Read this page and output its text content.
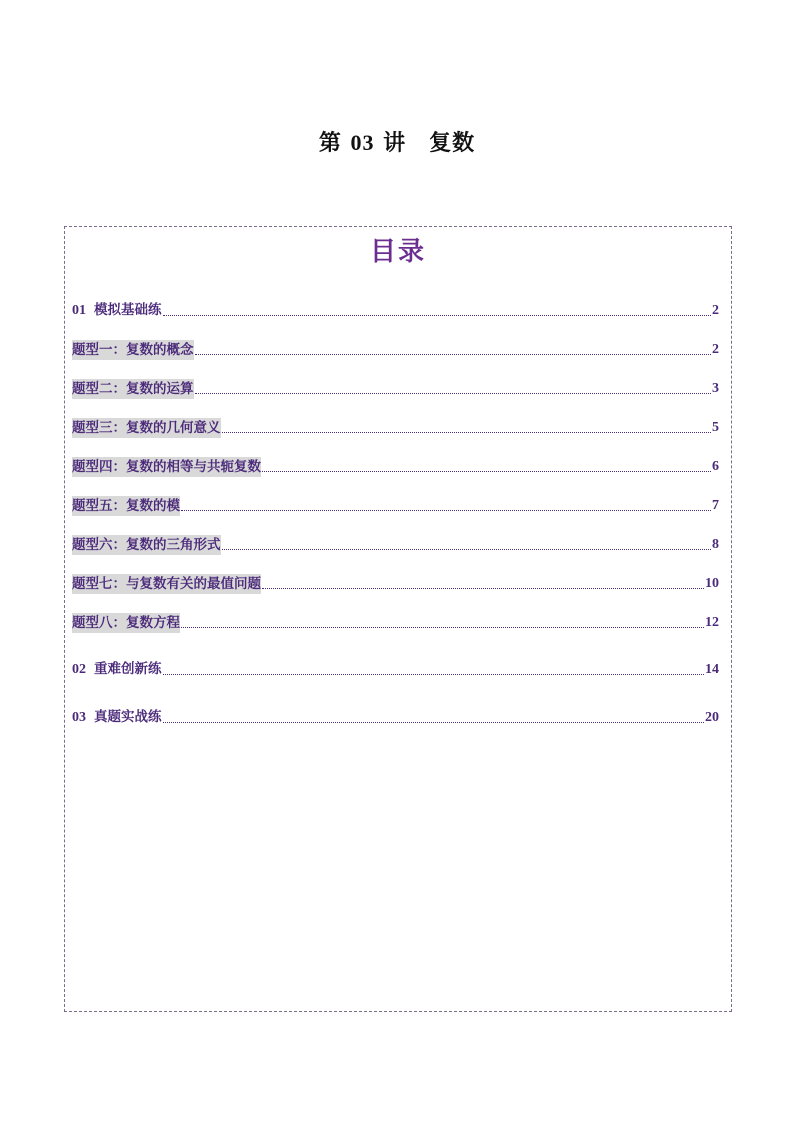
第 03 讲　复数
目录
01 模拟基础练	2
题型一：复数的概念	2
题型二：复数的运算	3
题型三：复数的几何意义	5
题型四：复数的相等与共轭复数	6
题型五：复数的模	7
题型六：复数的三角形式	8
题型七：与复数有关的最值问题	10
题型八：复数方程	12
02 重难创新练	14
03 真题实战练	20
